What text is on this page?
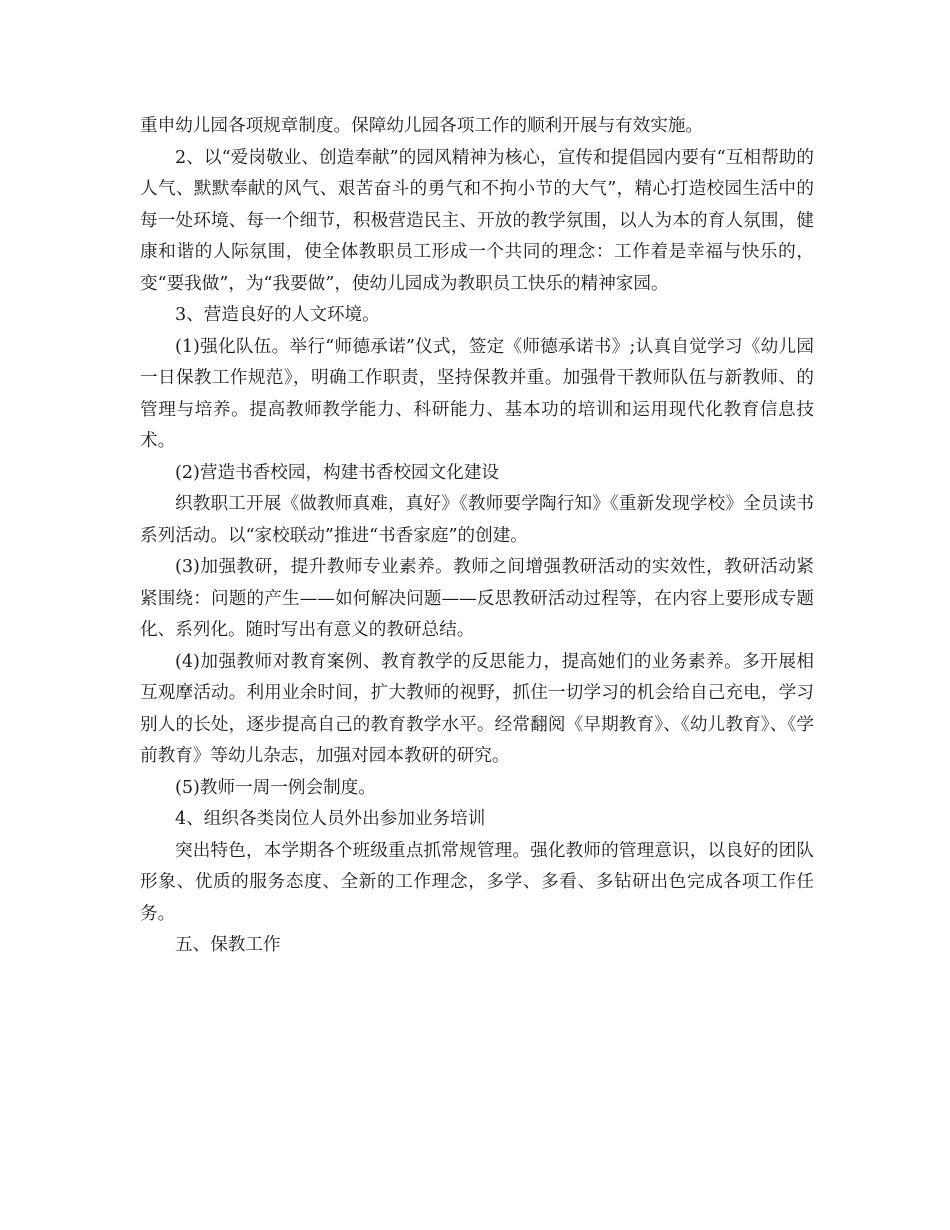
重申幼儿园各项规章制度。保障幼儿园各项工作的顺利开展与有效实施。

2、以“爱岗敬业、创造奉献”的园风精神为核心，宣传和提倡园内要有“互相帮助的人气、默默奉献的风气、艰苦奋斗的勇气和不拘小节的大气”，精心打造校园生活中的每一处环境、每一个细节，积极营造民主、开放的教学氛围，以人为本的育人氛围，健康和谐的人际氛围，使全体教职员工形成一个共同的理念：工作着是幸福与快乐的，变“要我做”，为“我要做”，使幼儿园成为教职员工快乐的精神家园。

3、营造良好的人文环境。

(1)强化队伍。举行“师德承诺”仪式，签定《师德承诺书》;认真自觉学习《幼儿园一日保教工作规范》，明确工作职责，坚持保教并重。加强骨干教师队伍与新教师、的管理与培养。提高教师教学能力、科研能力、基本功的培训和运用现代化教育信息技术。

(2)营造书香校园，构建书香校园文化建设

织教职工开展《做教师真难，真好》《教师要学陶行知》《重新发现学校》全员读书系列活动。以“家校联动”推进“书香家庭”的创建。

(3)加强教研，提升教师专业素养。教师之间增强教研活动的实效性，教研活动紧紧围绕：问题的产生——如何解决问题——反思教研活动过程等，在内容上要形成专题化、系列化。随时写出有意义的教研总结。

(4)加强教师对教育案例、教育教学的反思能力，提高她们的业务素养。多开展相互观摩活动。利用业余时间，扩大教师的视野，抓住一切学习的机会给自己充电，学习别人的长处，逐步提高自己的教育教学水平。经常翻阅《早期教育》、《幼儿教育》、《学前教育》等幼儿杂志，加强对园本教研的研究。

(5)教师一周一例会制度。

4、组织各类岗位人员外出参加业务培训

突出特色，本学期各个班级重点抓常规管理。强化教师的管理意识，以良好的团队形象、优质的服务态度、全新的工作理念，多学、多看、多钻研出色完成各项工作任务。

五、保教工作
